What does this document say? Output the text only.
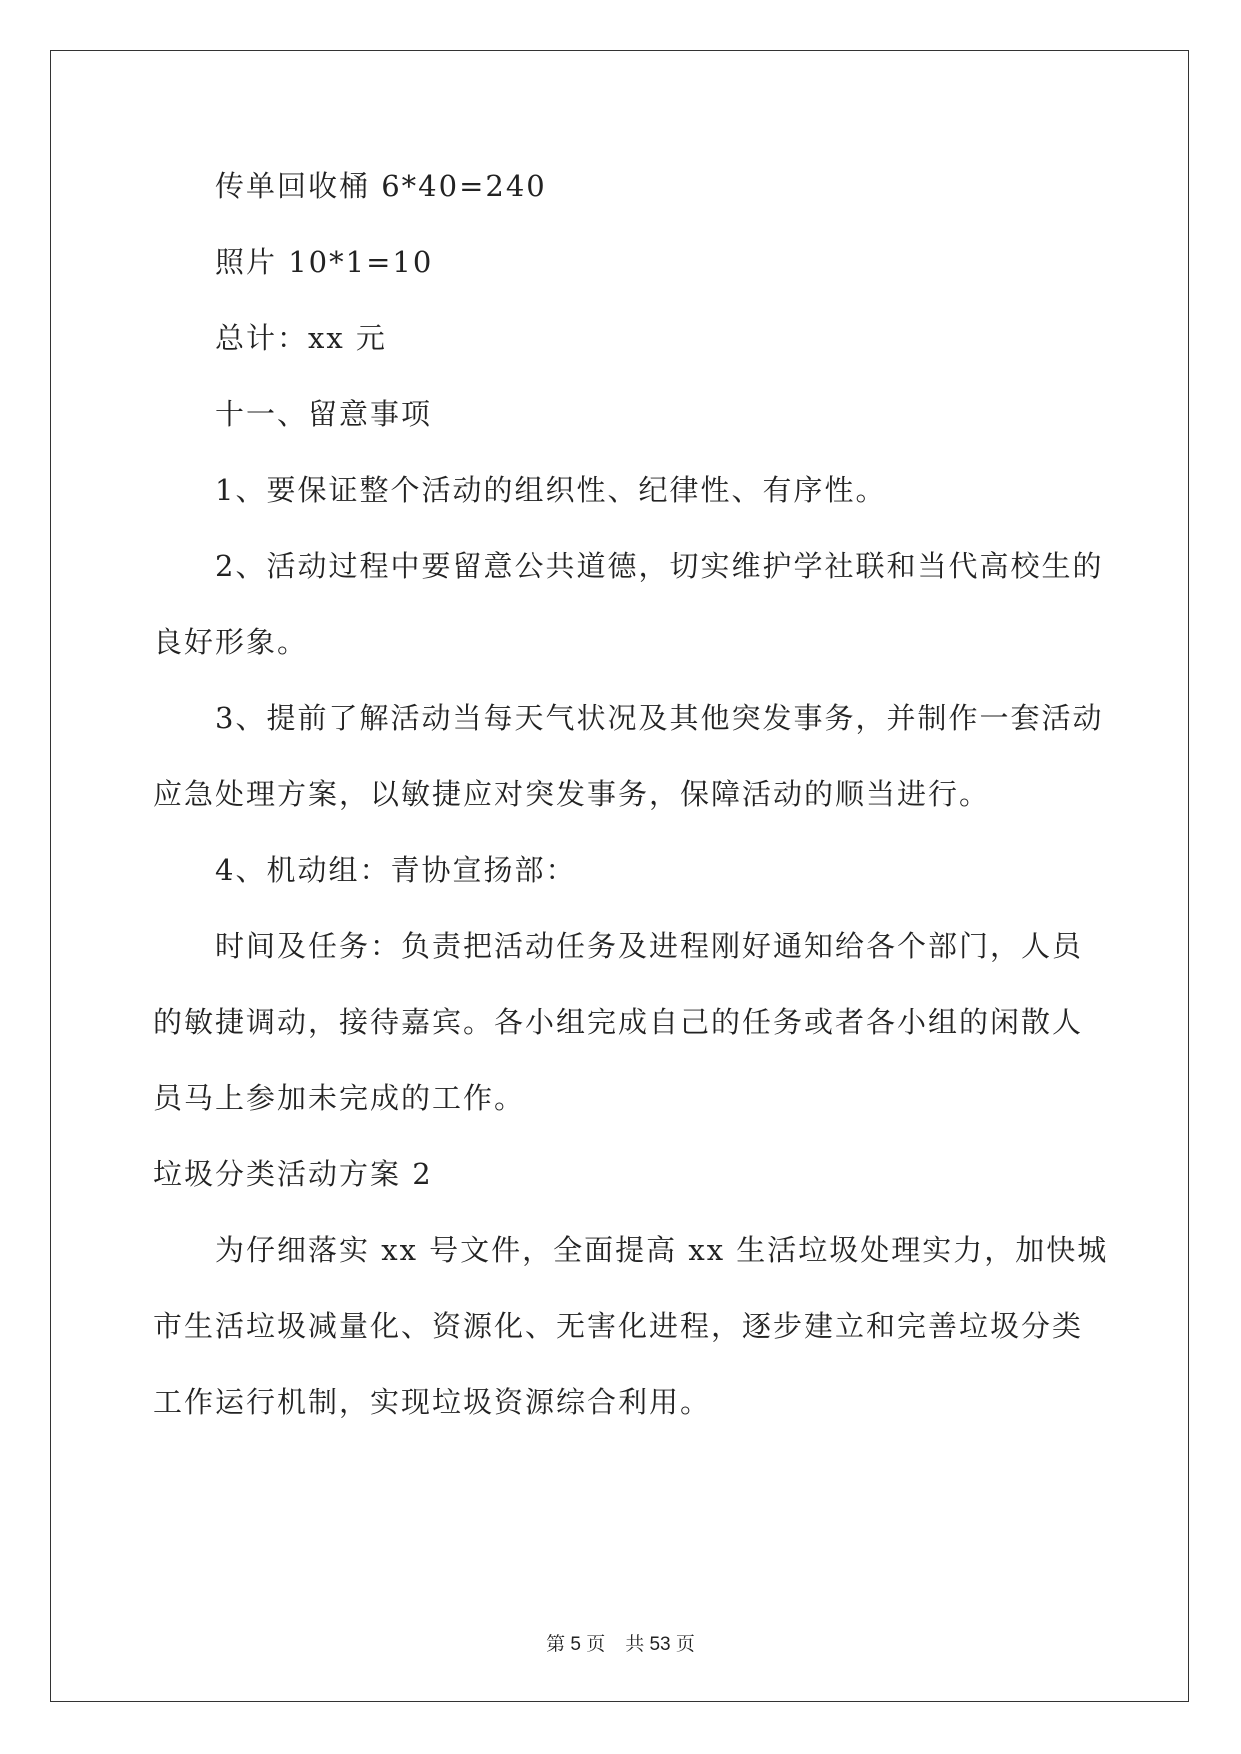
传单回收桶 6*40=240
照片 10*1=10
总计：xx 元
十一、留意事项
1、要保证整个活动的组织性、纪律性、有序性。
2、活动过程中要留意公共道德，切实维护学社联和当代高校生的
良好形象。
3、提前了解活动当每天气状况及其他突发事务，并制作一套活动
应急处理方案，以敏捷应对突发事务，保障活动的顺当进行。
4、机动组：青协宣扬部：
时间及任务：负责把活动任务及进程刚好通知给各个部门，人员
的敏捷调动，接待嘉宾。各小组完成自己的任务或者各小组的闲散人
员马上参加未完成的工作。
垃圾分类活动方案 2
为仔细落实 xx 号文件，全面提高 xx 生活垃圾处理实力，加快城
市生活垃圾减量化、资源化、无害化进程，逐步建立和完善垃圾分类
工作运行机制，实现垃圾资源综合利用。
第 5 页 共 53 页
